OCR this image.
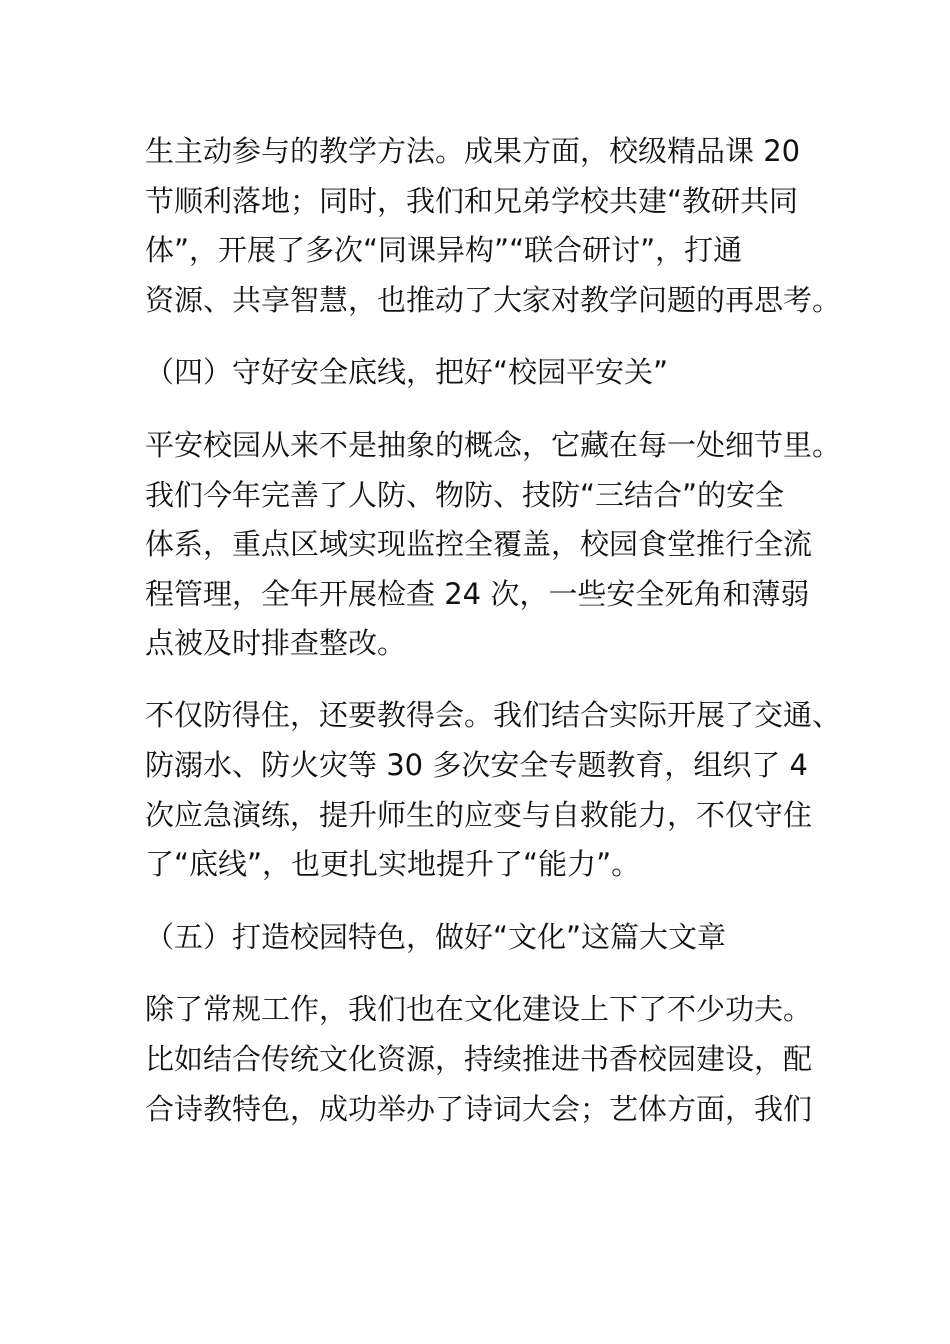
生主动参与的教学方法。成果方面，校级精品课 20
节顺利落地；同时，我们和兄弟学校共建“教研共同
体”，开展了多次“同课异构”“联合研讨”，打通
资源、共享智慧，也推动了大家对教学问题的再思考。
（四）守好安全底线，把好“校园平安关”
平安校园从来不是抽象的概念，它藏在每一处细节里。
我们今年完善了人防、物防、技防“三结合”的安全
体系，重点区域实现监控全覆盖，校园食堂推行全流
程管理，全年开展检查 24 次，一些安全死角和薄弱
点被及时排查整改。
不仅防得住，还要教得会。我们结合实际开展了交通、
防溺水、防火灾等 30 多次安全专题教育，组织了 4
次应急演练，提升师生的应变与自救能力，不仅守住
了“底线”，也更扎实地提升了“能力”。
（五）打造校园特色，做好“文化”这篇大文章
除了常规工作，我们也在文化建设上下了不少功夫。
比如结合传统文化资源，持续推进书香校园建设，配
合诗教特色，成功举办了诗词大会；艺体方面，我们
